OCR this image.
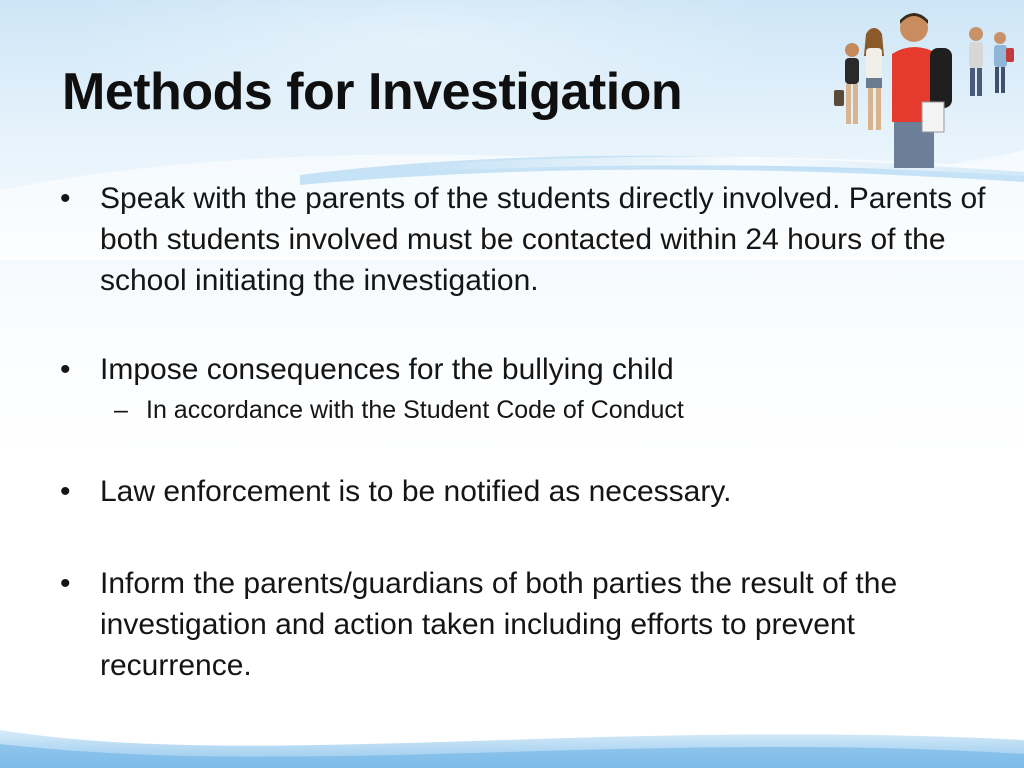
Methods for Investigation
• Speak with the parents of the students directly involved. Parents of both students involved must be contacted within 24 hours of the school initiating the investigation.
• Impose consequences for the bullying child
– In accordance with the Student Code of Conduct
• Law enforcement is to be notified as necessary.
• Inform the parents/guardians of both parties the result of the investigation and action taken including efforts to prevent recurrence.
